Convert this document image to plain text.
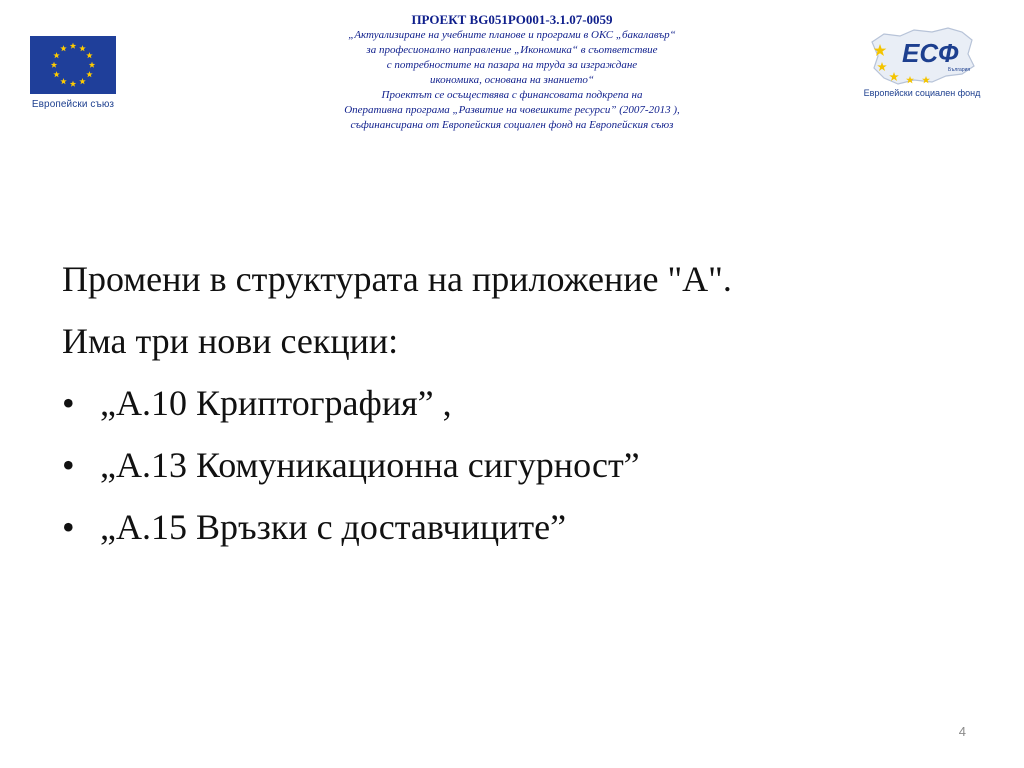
Европейски съюз
ПРОЕКТ BG051PO001-3.1.07-0059
„Актуализиране на учебните планове и програми в ОКС „бакалавър“
за професионално направление „Икономика“ в съответствие
с потребностите на пазара на труда за изграждане
икономика, основана на знанието“
Проектът се осъществява с финансовата подкрепа на
Оперативна програма „Развитие на човешките ресурси” (2007-2013 ),
съфинансирана от Европейския социален фонд на Европейския съюз
ЕСФ
България
Европейски социален фонд
Промени в структурата на приложение "А".
Има три нови секции:
• „А.10 Криптография” ,
• „А.13 Комуникационна сигурност”
• „А.15 Връзки с доставчиците”
4
